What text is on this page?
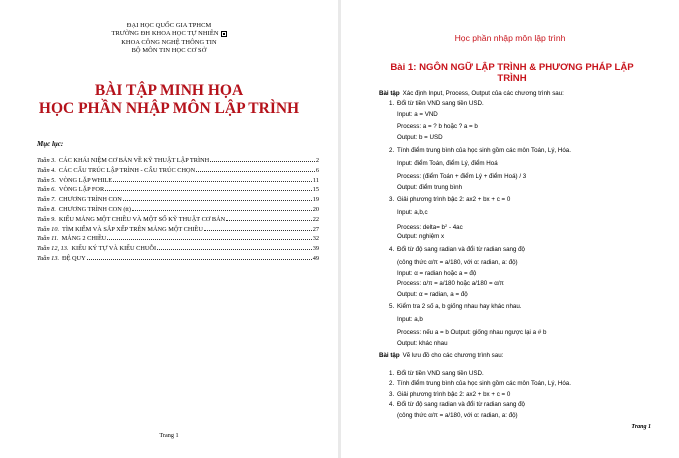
ĐẠI HỌC QUỐC GIA TPHCM
TRƯỜNG ĐH KHOA HỌC TỰ NHIÊN
KHOA CÔNG NGHỆ THÔNG TIN
BỘ MÔN TIN HỌC CƠ SỞ
BÀI TẬP MINH HỌA
HỌC PHẦN NHẬP MÔN LẬP TRÌNH
Mục lục:
Tuần 3. CÁC KHÁI NIỆM CƠ BẢN VỀ KỸ THUẬT LẬP TRÌNH	2
Tuần 4. CÁC CẤU TRÚC LẬP TRÌNH - CẤU TRÚC CHỌN	6
Tuần 5. VÒNG LẶP WHILE	11
Tuần 6. VÒNG LẶP FOR	15
Tuần 7. CHƯƠNG TRÌNH CON	19
Tuần 8. CHƯƠNG TRÌNH CON (tt)	20
Tuần 9. KIỂU MẢNG MỘT CHIỀU VÀ MỘT SỐ KỸ THUẬT CƠ BẢN	22
Tuần 10. TÌM KIẾM VÀ SẮP XẾP TRÊN MẢNG MỘT CHIỀU	27
Tuần 11. MẢNG 2 CHIỀU	32
Tuần 12, 13. KIỂU KÝ TỰ VÀ KIỂU CHUỖI	39
Tuần 13. ĐỆ QUY	49
Trang 1
Học phần nhập môn lập trình
Bài 1: NGÔN NGỮ LẬP TRÌNH & PHƯƠNG PHÁP LẬP TRÌNH
Bài tập Xác định Input, Process, Output của các chương trình sau:
1. Đổi từ tiền VND sang tiền USD.
Input: a = VND
Process: a = ? b hoặc ? a = b
Output: b = USD
2. Tính điểm trung bình của học sinh gồm các môn Toán, Lý, Hóa.
Input: điểm Toán, điểm Lý, điểm Hoá
Process: (điểm Toán + điểm Lý + điểm Hoá) / 3
Output: điểm trung bình
3. Giải phương trình bậc 2: ax2 + bx + c = 0
Input: a,b,c
Process: delta= $b^2 - 4ac$
Output: nghiệm x
4. Đổi từ độ sang radian và đổi từ radian sang độ
(công thức α/π = a/180, với α: radian, a: độ)
Input: α = radian hoặc a = độ
Process: α/π = a/180 hoặc a/180 = α/π
Output: α = radian, a = độ
5. Kiểm tra 2 số a, b giống nhau hay khác nhau.
Input: a,b
Process: nếu a = b Output: giống nhau ngược lại a # b
Output: khác nhau
Bài tập Vẽ lưu đồ cho các chương trình sau:
1. Đổi từ tiền VND sang tiền USD.
2. Tính điểm trung bình của học sinh gồm các môn Toán, Lý, Hóa.
3. Giải phương trình bậc 2: ax2 + bx + c = 0
4. Đổi từ độ sang radian và đổi từ radian sang độ
(công thức α/π = a/180, với α: radian, a: độ)
Trang 1
